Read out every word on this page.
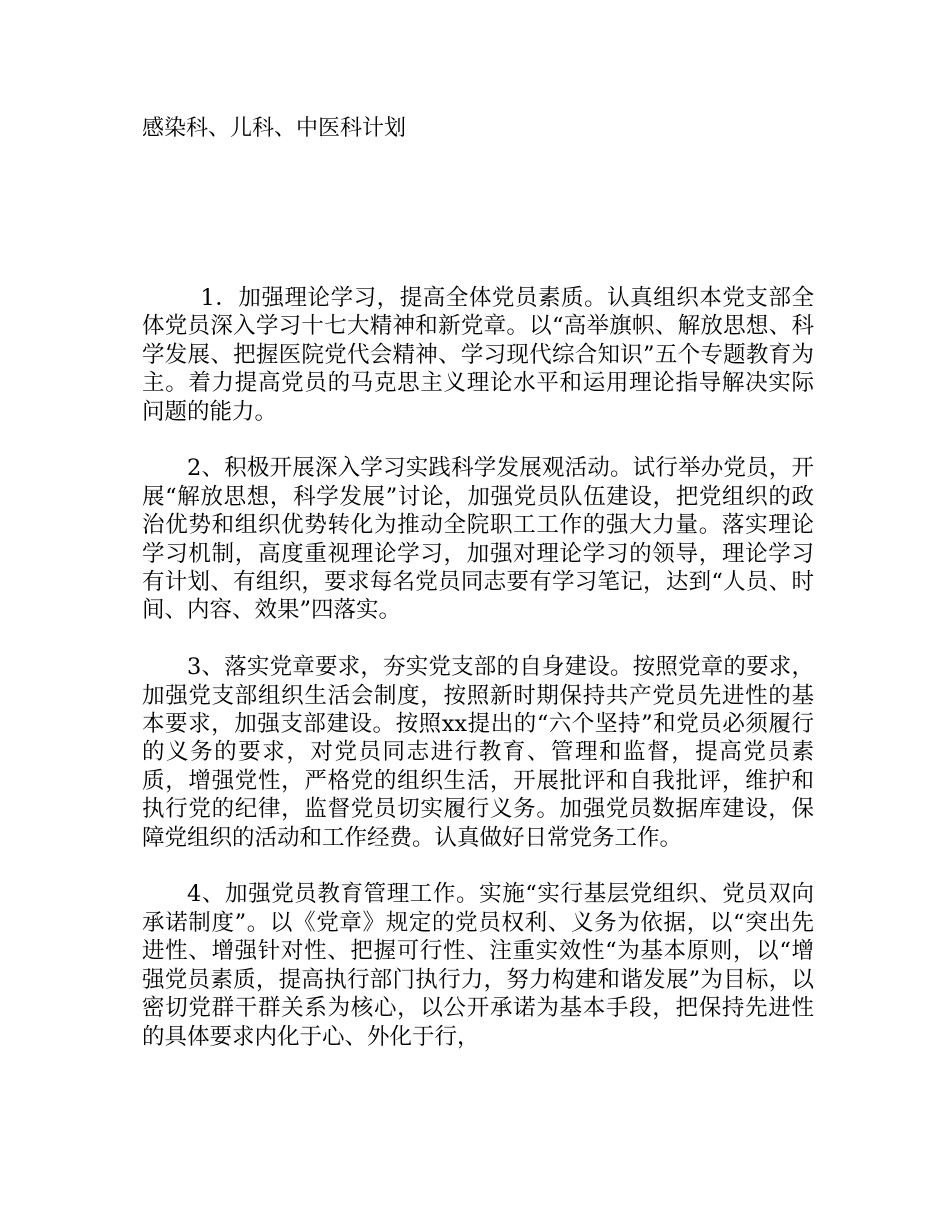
感染科、儿科、中医科计划

1．加强理论学习，提高全体党员素质。认真组织本党支部全体党员深入学习十七大精神和新党章。以“高举旗帜、解放思想、科学发展、把握医院党代会精神、学习现代综合知识”五个专题教育为主。着力提高党员的马克思主义理论水平和运用理论指导解决实际问题的能力。

2、积极开展深入学习实践科学发展观活动。试行举办党员，开展“解放思想，科学发展”讨论，加强党员队伍建设，把党组织的政治优势和组织优势转化为推动全院职工工作的强大力量。落实理论学习机制，高度重视理论学习，加强对理论学习的领导，理论学习有计划、有组织，要求每名党员同志要有学习笔记，达到“人员、时间、内容、效果”四落实。

3、落实党章要求，夯实党支部的自身建设。按照党章的要求，加强党支部组织生活会制度，按照新时期保持共产党员先进性的基本要求，加强支部建设。按照xx提出的“六个坚持”和党员必须履行的义务的要求，对党员同志进行教育、管理和监督，提高党员素质，增强党性，严格党的组织生活，开展批评和自我批评，维护和执行党的纪律，监督党员切实履行义务。加强党员数据库建设，保障党组织的活动和工作经费。认真做好日常党务工作。

4、加强党员教育管理工作。实施“实行基层党组织、党员双向承诺制度”。以《党章》规定的党员权利、义务为依据，以“突出先进性、增强针对性、把握可行性、注重实效性“为基本原则，以“增强党员素质，提高执行部门执行力，努力构建和谐发展”为目标，以密切党群干群关系为核心，以公开承诺为基本手段，把保持先进性的具体要求内化于心、外化于行，
